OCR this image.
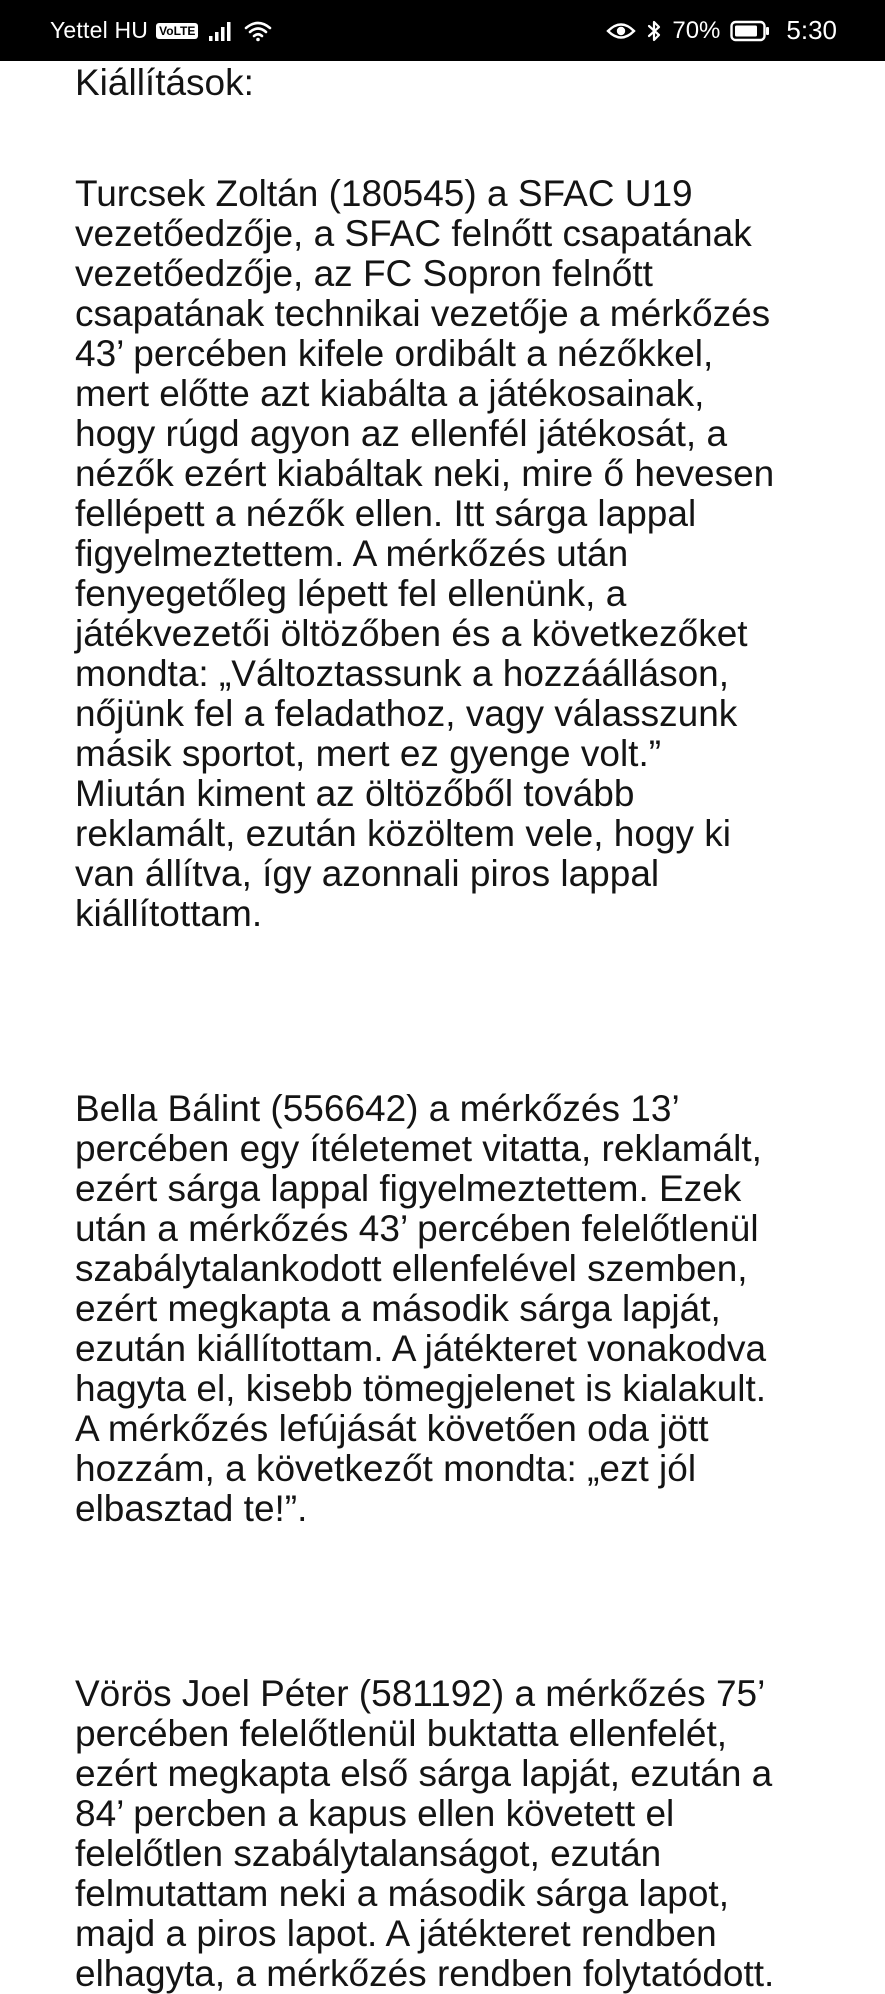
Yettel HU VoLTE	70%	5:30
Kiállítások:

Turcsek Zoltán (180545) a SFAC U19
vezetőedzője, a SFAC felnőtt csapatának
vezetőedzője, az FC Sopron felnőtt
csapatának technikai vezetője a mérkőzés
43’ percében kifele ordibált a nézőkkel,
mert előtte azt kiabálta a játékosainak,
hogy rúgd agyon az ellenfél játékosát, a
nézők ezért kiabáltak neki, mire ő hevesen
fellépett a nézők ellen. Itt sárga lappal
figyelmeztettem. A mérkőzés után
fenyegetőleg lépett fel ellenünk, a
játékvezetői öltözőben és a következőket
mondta: „Változtassunk a hozzáálláson,
nőjünk fel a feladathoz, vagy válasszunk
másik sportot, mert ez gyenge volt.”
Miután kiment az öltözőből tovább
reklamált, ezután közöltem vele, hogy ki
van állítva, így azonnali piros lappal
kiállítottam.

Bella Bálint (556642) a mérkőzés 13’
percében egy ítéletemet vitatta, reklamált,
ezért sárga lappal figyelmeztettem. Ezek
után a mérkőzés 43’ percében felelőtlenül
szabálytalankodott ellenfelével szemben,
ezért megkapta a második sárga lapját,
ezután kiállítottam. A játékteret vonakodva
hagyta el, kisebb tömegjelenet is kialakult.
A mérkőzés lefújását követően oda jött
hozzám, a következőt mondta: „ezt jól
elbasztad te!”.

Vörös Joel Péter (581192) a mérkőzés 75’
percében felelőtlenül buktatta ellenfelét,
ezért megkapta első sárga lapját, ezután a
84’ percben a kapus ellen követett el
felelőtlen szabálytalanságot, ezután
felmutattam neki a második sárga lapot,
majd a piros lapot. A játékteret rendben
elhagyta, a mérkőzés rendben folytatódott.
